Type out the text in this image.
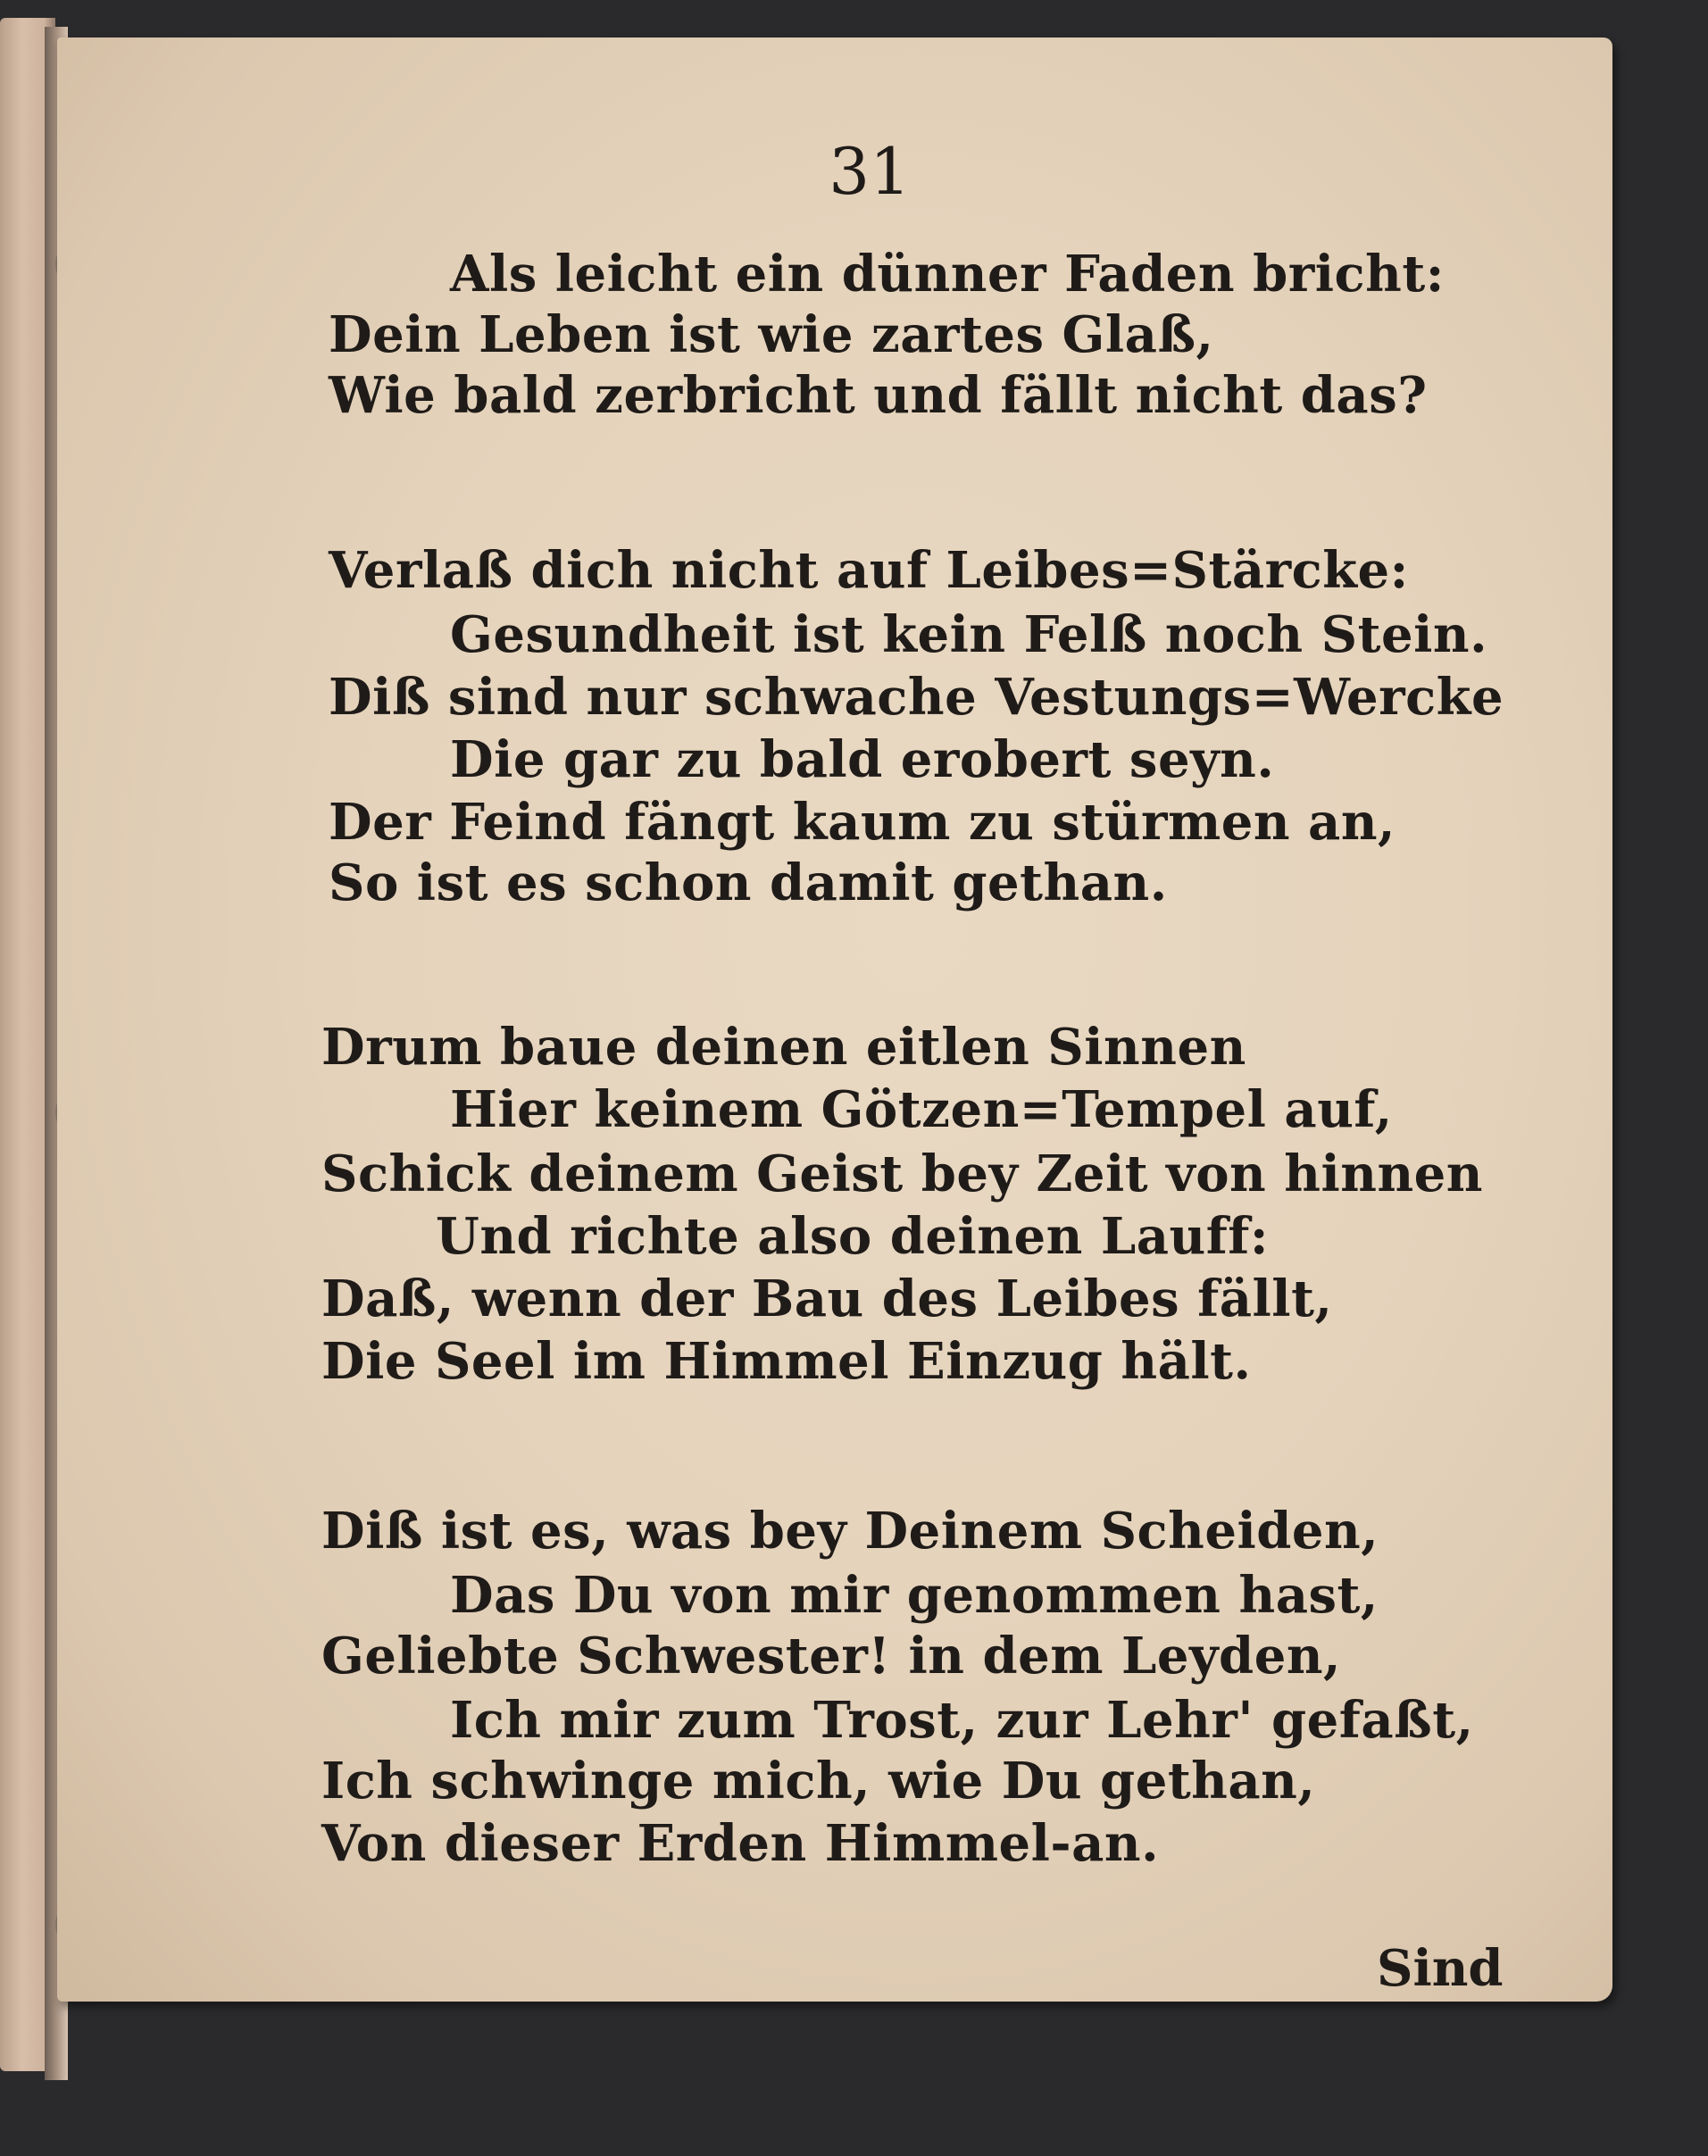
31
Als leicht ein dünner Faden bricht:
Dein Leben ist wie zartes Glaß,
Wie bald zerbricht und fällt nicht das?
Verlaß dich nicht auf Leibes=Stärcke:
Gesundheit ist kein Felß noch Stein.
Diß sind nur schwache Vestungs=Wercke
Die gar zu bald erobert seyn.
Der Feind fängt kaum zu stürmen an,
So ist es schon damit gethan.
Drum baue deinen eitlen Sinnen
Hier keinem Götzen=Tempel auf,
Schick deinem Geist bey Zeit von hinnen
Und richte also deinen Lauff:
Daß, wenn der Bau des Leibes fällt,
Die Seel im Himmel Einzug hält.
Diß ist es, was bey Deinem Scheiden,
Das Du von mir genommen hast,
Geliebte Schwester! in dem Leyden,
Ich mir zum Trost, zur Lehr' gefaßt,
Ich schwinge mich, wie Du gethan,
Von dieser Erden Himmel-an.
Sind
